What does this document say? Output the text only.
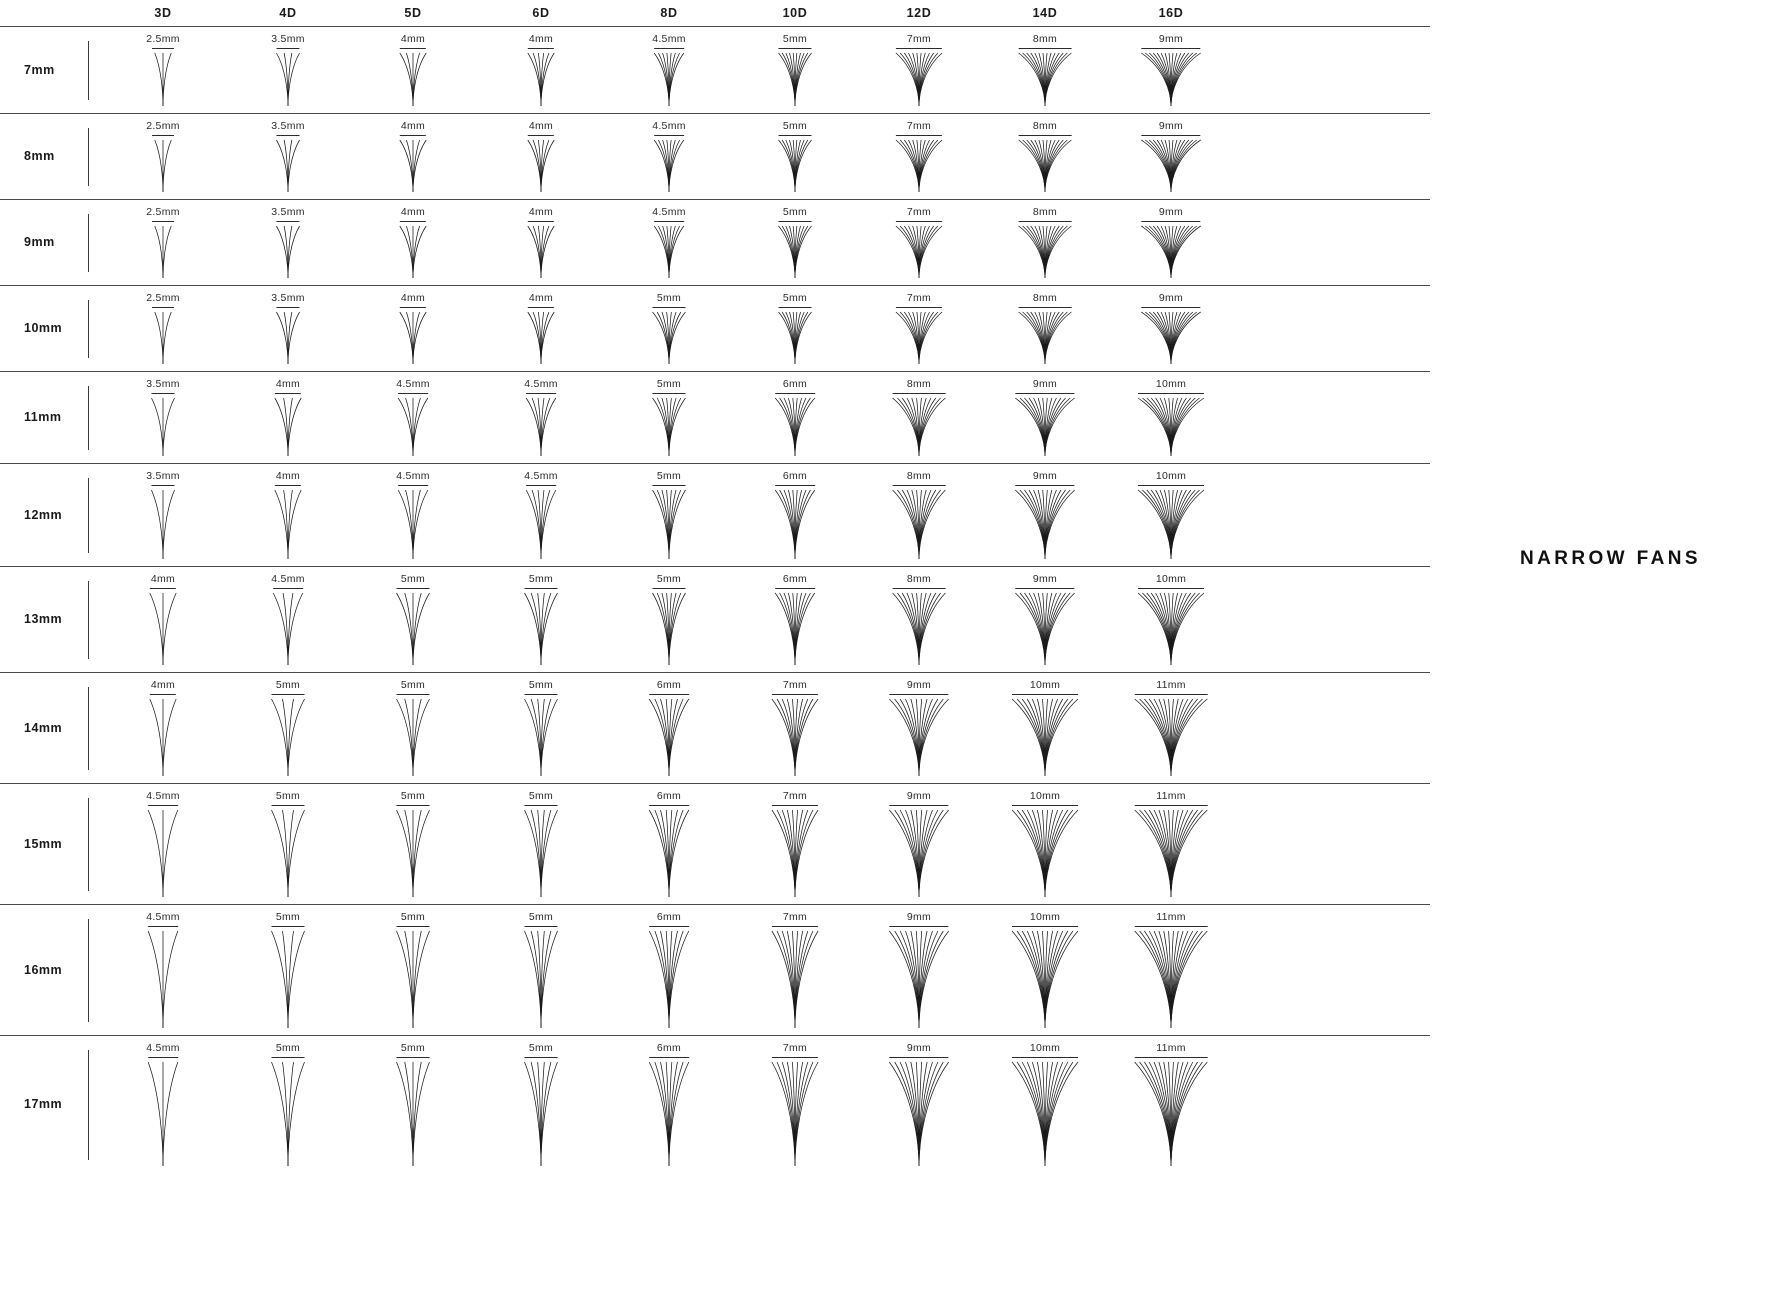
3D	4D	5D	6D	8D	10D	12D	14D	16D
7mm
2.5mm	3.5mm	4mm	4mm	4.5mm	5mm	7mm	8mm	9mm
8mm
2.5mm	3.5mm	4mm	4mm	4.5mm	5mm	7mm	8mm	9mm
9mm
2.5mm	3.5mm	4mm	4mm	4.5mm	5mm	7mm	8mm	9mm
10mm
2.5mm	3.5mm	4mm	4mm	5mm	5mm	7mm	8mm	9mm
11mm
3.5mm	4mm	4.5mm	4.5mm	5mm	6mm	8mm	9mm	10mm
12mm
3.5mm	4mm	4.5mm	4.5mm	5mm	6mm	8mm	9mm	10mm
13mm
4mm	4.5mm	5mm	5mm	5mm	6mm	8mm	9mm	10mm
14mm
4mm	5mm	5mm	5mm	6mm	7mm	9mm	10mm	11mm
15mm
4.5mm	5mm	5mm	5mm	6mm	7mm	9mm	10mm	11mm
16mm
4.5mm	5mm	5mm	5mm	6mm	7mm	9mm	10mm	11mm
17mm
4.5mm	5mm	5mm	5mm	6mm	7mm	9mm	10mm	11mm
NARROW FANS
